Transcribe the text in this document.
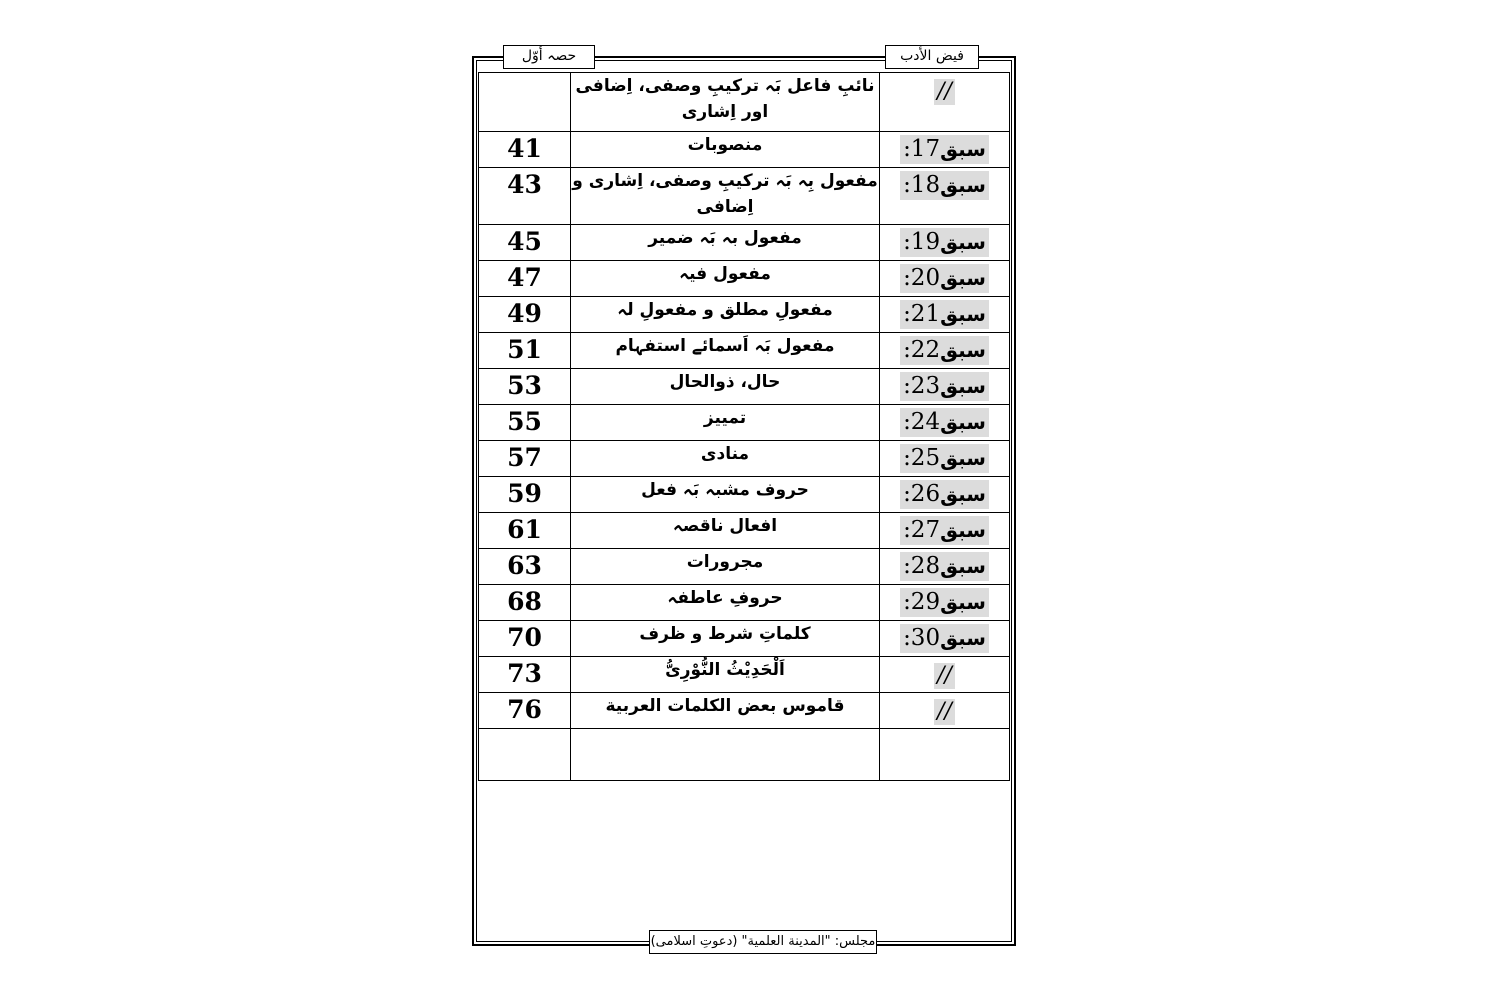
فیض الأدب
حصہ أوّل
	نائبِ فاعل بَہ ترکیبِ وصفی، اِضافی اور اِشاری	//
41	منصوبات	:17سبق
43	مفعول بِہ بَہ ترکیبِ وصفی، اِشاری و اِضافی	:18سبق
45	مفعول بہ بَہ ضمیر	:19سبق
47	مفعول فیہ	:20سبق
49	مفعولِ مطلق و مفعولِ لہ	:21سبق
51	مفعول بَہ اَسمائے استفہام	:22سبق
53	حال، ذوالحال	:23سبق
55	تمییز	:24سبق
57	منادی	:25سبق
59	حروف مشبہ بَہ فعل	:26سبق
61	افعال ناقصہ	:27سبق
63	مجرورات	:28سبق
68	حروفِ عاطفہ	:29سبق
70	کلماتِ شرط و ظرف	:30سبق
73	اَلْحَدِیْثُ النُّوْرِیُّ	//
76	قاموس بعض الکلمات العربیة	//

مجلس: "المدینة العلمیة" (دعوتِ اسلامی)
